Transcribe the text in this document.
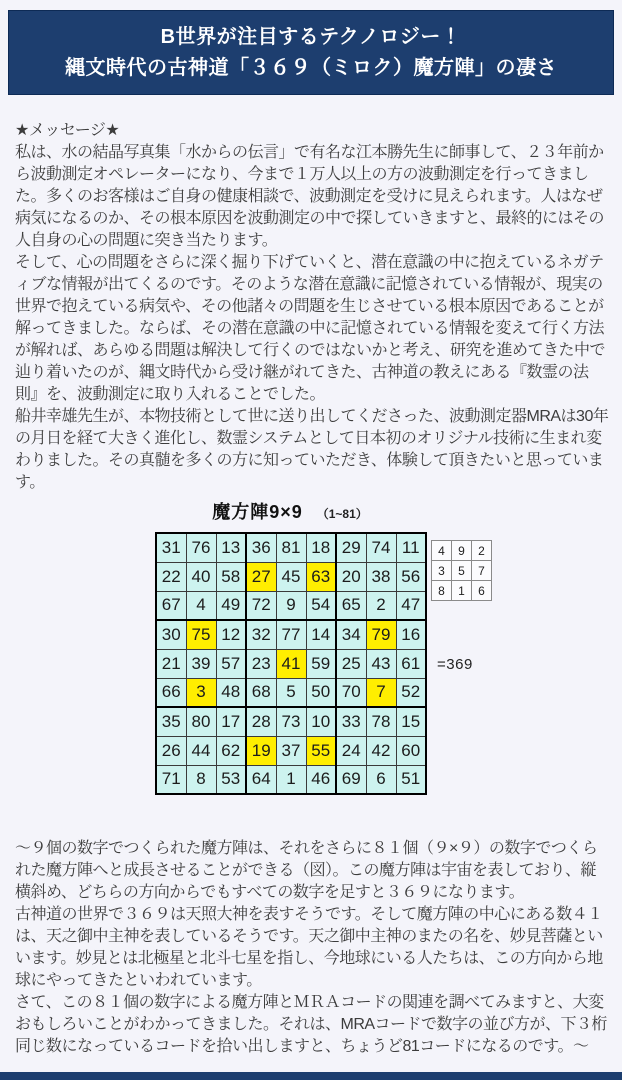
B世界が注目するテクノロジー！
縄文時代の古神道「３６９（ミロク）魔方陣」の凄さ

★メッセージ★

私は、水の結晶写真集「水からの伝言」で有名な江本勝先生に師事して、２３年前から波動測定オペレーターになり、今まで１万人以上の方の波動測定を行ってきました。多くのお客様はご自身の健康相談で、波動測定を受けに見えられます。人はなぜ病気になるのか、その根本原因を波動測定の中で探していきますと、最終的にはその人自身の心の問題に突き当たります。

そして、心の問題をさらに深く掘り下げていくと、潜在意識の中に抱えているネガティブな情報が出てくるのです。そのような潜在意識に記憶されている情報が、現実の世界で抱えている病気や、その他諸々の問題を生じさせている根本原因であることが解ってきました。ならば、その潜在意識の中に記憶されている情報を変えて行く方法が解れば、あらゆる問題は解決して行くのではないかと考え、研究を進めてきた中で辿り着いたのが、縄文時代から受け継がれてきた、古神道の教えにある『数霊の法則』を、波動測定に取り入れることでした。

船井幸雄先生が、本物技術として世に送り出してくださった、波動測定器MRAは30年の月日を経て大きく進化し、数霊システムとして日本初のオリジナル技術に生まれ変わりました。その真髄を多くの方に知っていただき、体験して頂きたいと思っています。

魔方陣9×9 （1~81）
31	76	13	36	81	18	29	74	11
22	40	58	27	45	63	20	38	56
67	4	49	72	9	54	65	2	47
30	75	12	32	77	14	34	79	16
21	39	57	23	41	59	25	43	61
66	3	48	68	5	50	70	7	52
35	80	17	28	73	10	33	78	15
26	44	62	19	37	55	24	42	60
71	8	53	64	1	46	69	6	51
4	9	2
3	5	7
8	1	6
=369

～９個の数字でつくられた魔方陣は、それをさらに８１個（９×９）の数字でつくられた魔方陣へと成長させることができる（図）。この魔方陣は宇宙を表しており、縦横斜め、どちらの方向からでもすべての数字を足すと３６９になります。

古神道の世界で３６９は天照大神を表すそうです。そして魔方陣の中心にある数４１は、天之御中主神を表しているそうです。天之御中主神のまたの名を、妙見菩薩といいます。妙見とは北極星と北斗七星を指し、今地球にいる人たちは、この方向から地球にやってきたといわれています。

さて、この８１個の数字による魔方陣とＭＲＡコードの関連を調べてみますと、大変おもしろいことがわかってきました。それは、MRAコードで数字の並び方が、下３桁同じ数になっているコードを拾い出しますと、ちょうど81コードになるのです。～
